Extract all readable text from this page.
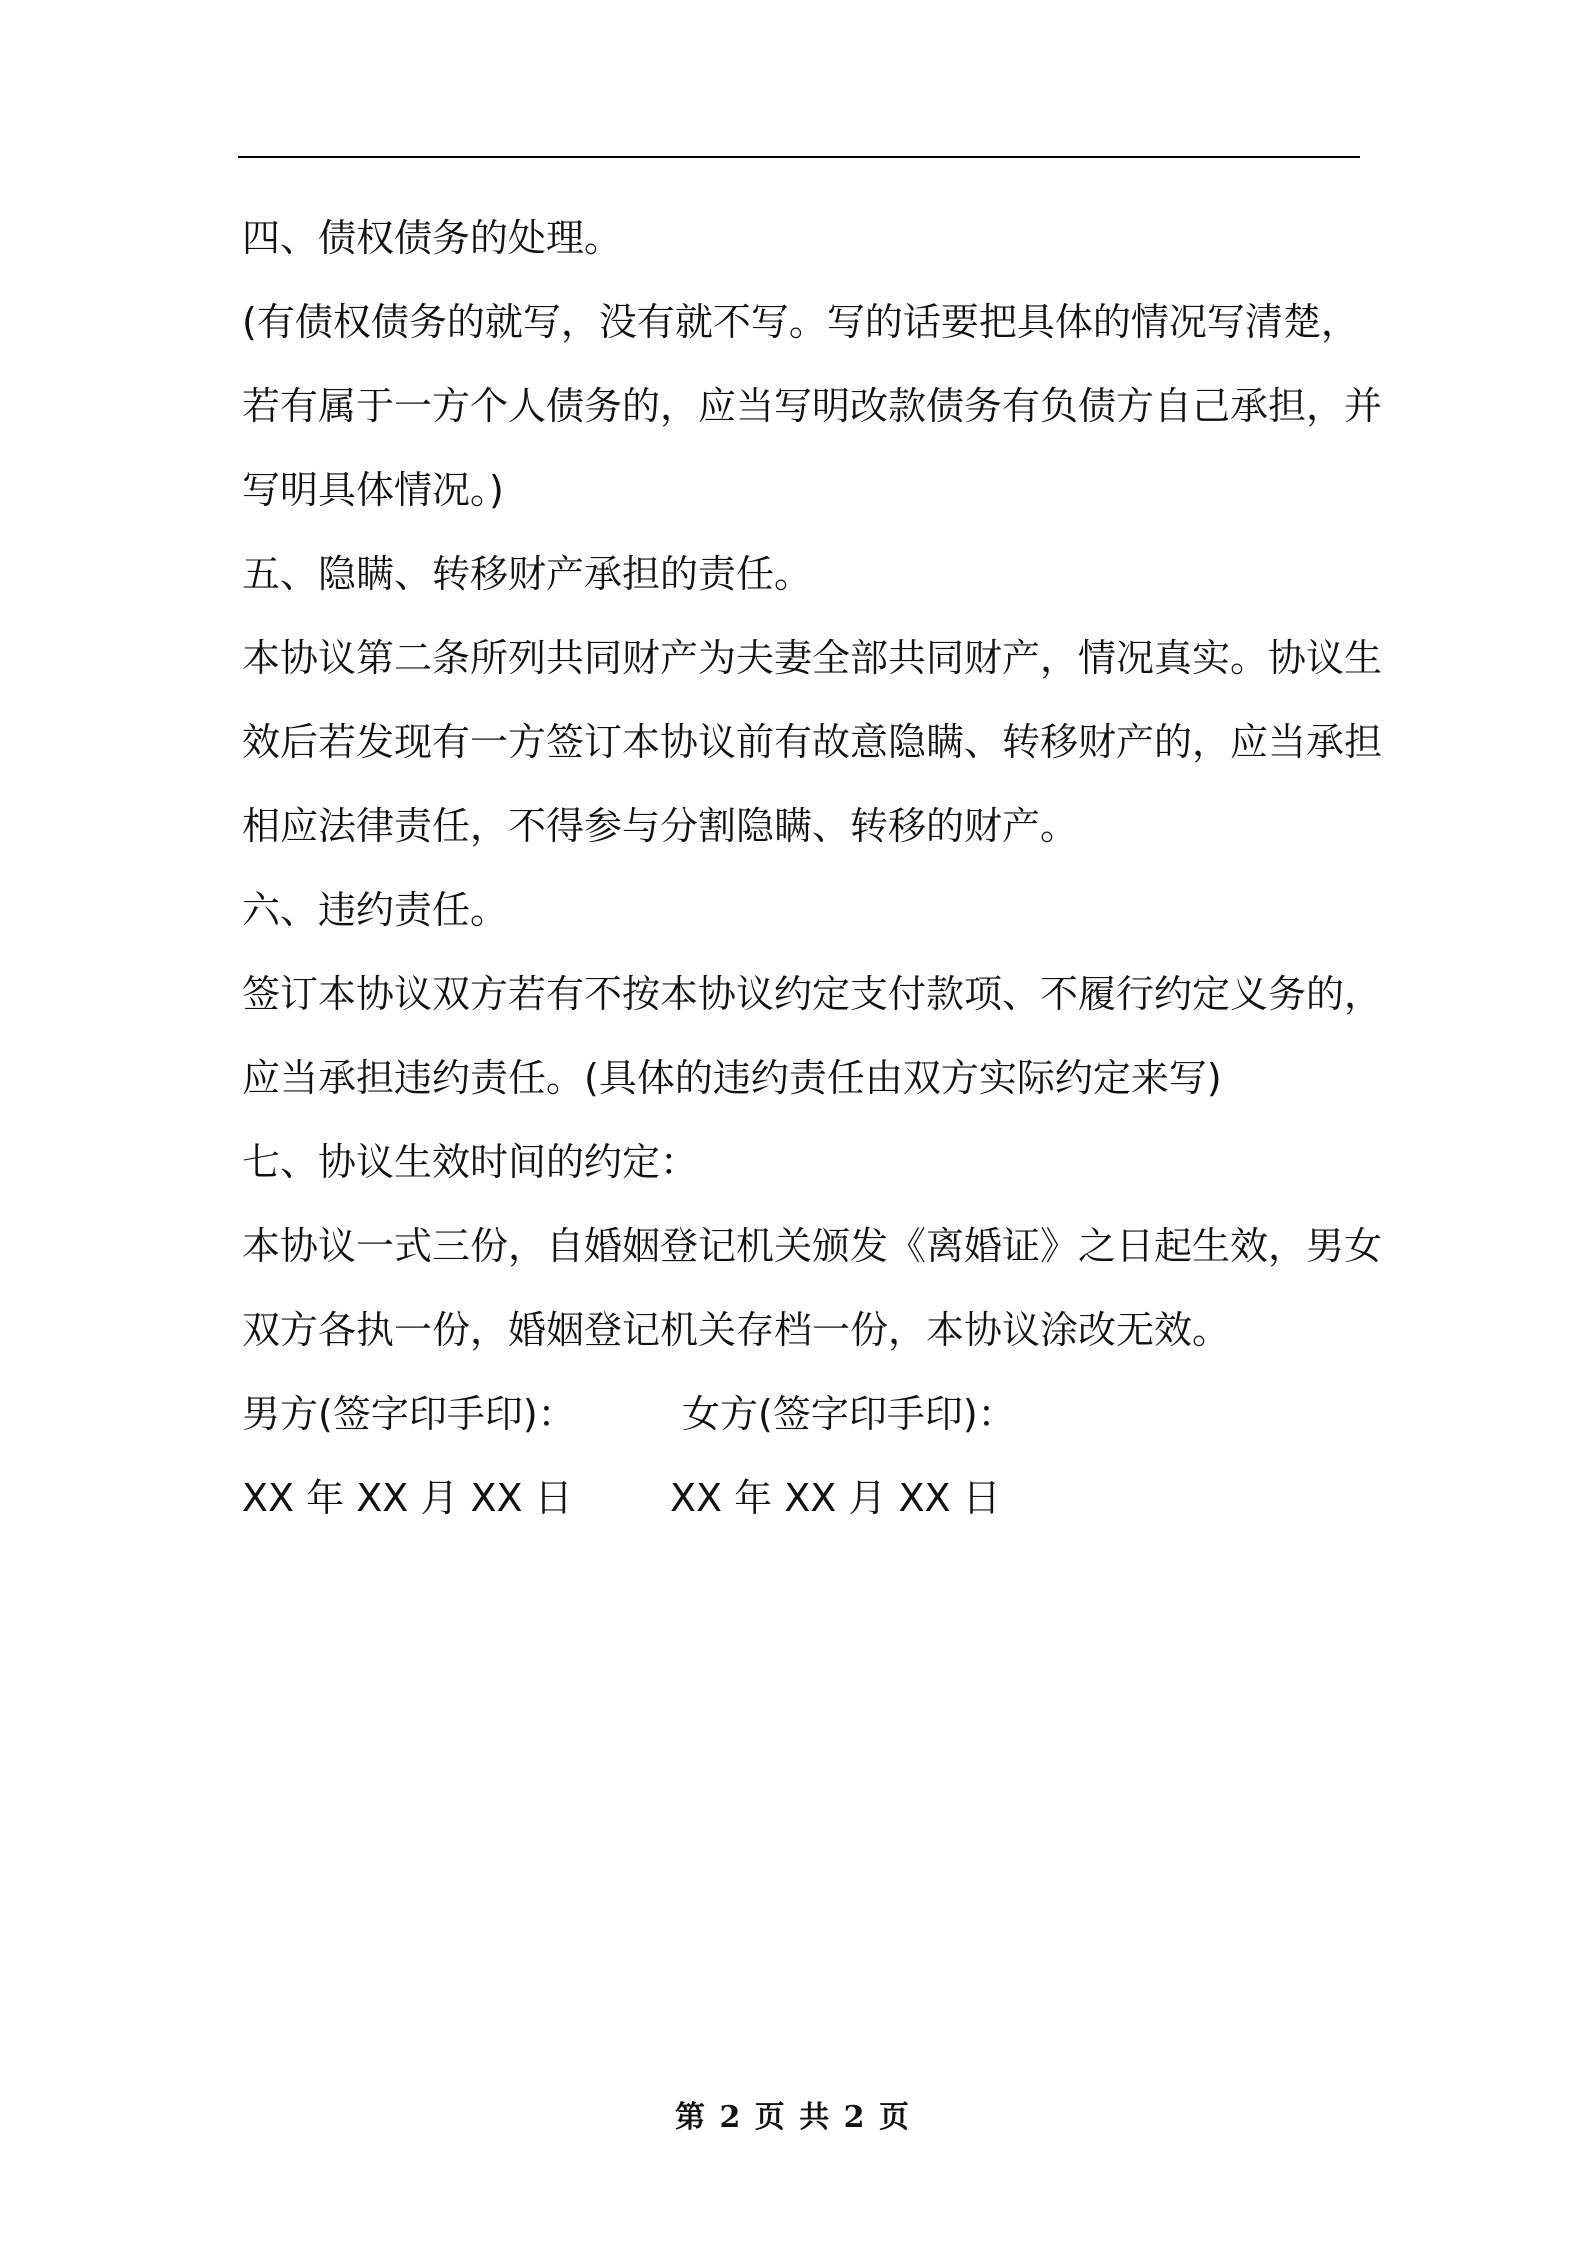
四、债权债务的处理。
(有债权债务的就写，没有就不写。写的话要把具体的情况写清楚，
若有属于一方个人债务的，应当写明改款债务有负债方自己承担，并
写明具体情况。)
五、隐瞒、转移财产承担的责任。
本协议第二条所列共同财产为夫妻全部共同财产，情况真实。协议生
效后若发现有一方签订本协议前有故意隐瞒、转移财产的，应当承担
相应法律责任，不得参与分割隐瞒、转移的财产。
六、违约责任。
签订本协议双方若有不按本协议约定支付款项、不履行约定义务的，
应当承担违约责任。(具体的违约责任由双方实际约定来写)
七、协议生效时间的约定：
本协议一式三份，自婚姻登记机关颁发《离婚证》之日起生效，男女
双方各执一份，婚姻登记机关存档一份，本协议涂改无效。
男方(签字印手印)：	女方(签字印手印)：
XX 年 XX 月 XX 日	XX 年 XX 月 XX 日
第 2 页 共 2 页
